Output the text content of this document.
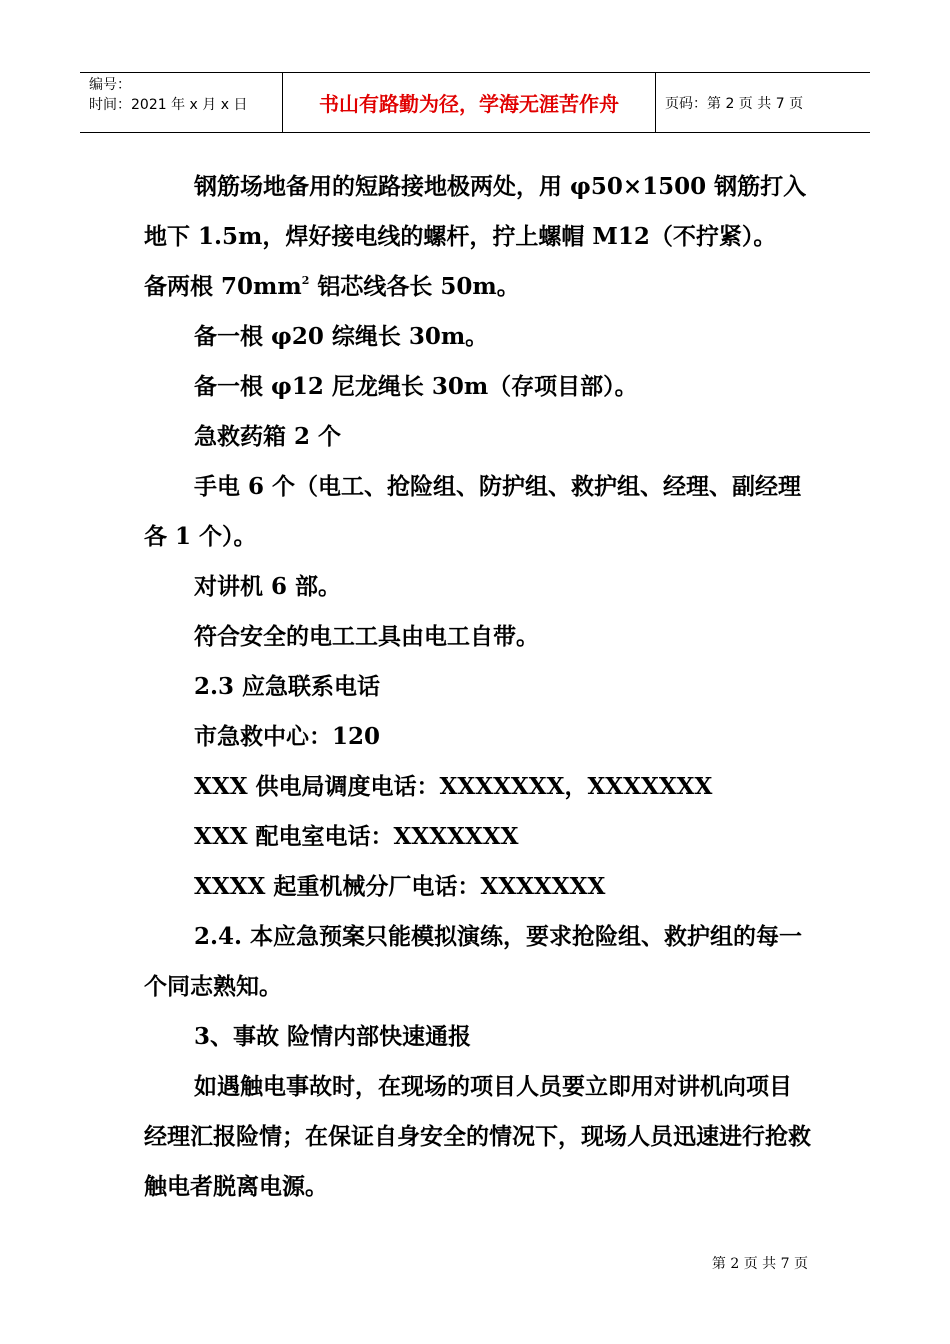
编号：
时间：2021 年 x 月 x 日	书山有路勤为径，学海无涯苦作舟	页码：第 2 页 共 7 页

钢筋场地备用的短路接地极两处，用 φ50×1500 钢筋打入地下 1.5m，焊好接电线的螺杆，拧上螺帽 M12（不拧紧）。

备两根 $70mm^2$ 铝芯线各长 50m。

备一根 φ20 综绳长 30m。

备一根 φ12 尼龙绳长 30m（存项目部）。

急救药箱 2 个

手电 6 个（电工、抢险组、防护组、救护组、经理、副经理各 1 个）。

对讲机 6 部。

符合安全的电工工具由电工自带。

2.3 应急联系电话

市急救中心：120

XXX 供电局调度电话：XXXXXXX，XXXXXXX

XXX 配电室电话：XXXXXXX

XXXX 起重机械分厂电话：XXXXXXX

2.4. 本应急预案只能模拟演练，要求抢险组、救护组的每一个同志熟知。

3、事故 险情内部快速通报

如遇触电事故时，在现场的项目人员要立即用对讲机向项目经理汇报险情；在保证自身安全的情况下，现场人员迅速进行抢救触电者脱离电源。

第 2 页 共 7 页
